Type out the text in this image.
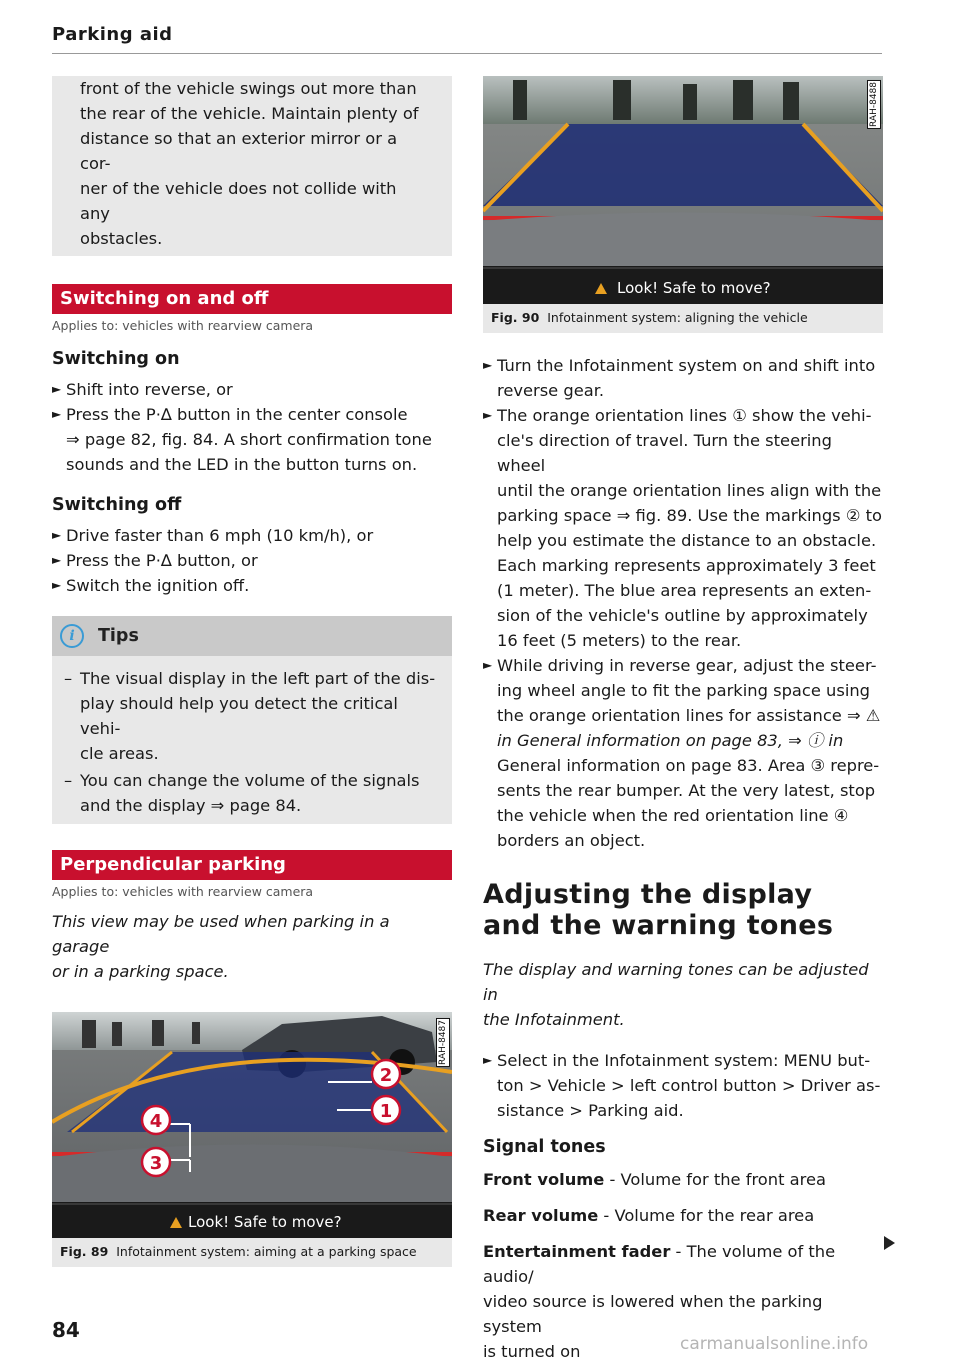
Parking aid
front of the vehicle swings out more than
the rear of the vehicle. Maintain plenty of
distance so that an exterior mirror or a cor-
ner of the vehicle does not collide with any
obstacles.
Switching on and off
Applies to: vehicles with rearview camera
Switching on
► Shift into reverse, or
► Press the P·∆ button in the center console
⇒ page 82, fig. 84. A short confirmation tone
sounds and the LED in the button turns on.
Switching off
► Drive faster than 6 mph (10 km/h), or
► Press the P·∆ button, or
► Switch the ignition off.
i	Tips
– The visual display in the left part of the dis-
play should help you detect the critical vehi-
cle areas.
– You can change the volume of the signals
and the display ⇒ page 84.
Perpendicular parking
Applies to: vehicles with rearview camera
This view may be used when parking in a garage
or in a parking space.
2
1
4
3
Look! Safe to move?
RAH-8487
Fig. 89 Infotainment system: aiming at a parking space
Look! Safe to move?
RAH-8488
Fig. 90 Infotainment system: aligning the vehicle
► Turn the Infotainment system on and shift into
reverse gear.
► The orange orientation lines ① show the vehi-
cle's direction of travel. Turn the steering wheel
until the orange orientation lines align with the
parking space ⇒ fig. 89. Use the markings ② to
help you estimate the distance to an obstacle.
Each marking represents approximately 3 feet
(1 meter). The blue area represents an exten-
sion of the vehicle's outline by approximately
16 feet (5 meters) to the rear.
► While driving in reverse gear, adjust the steer-
ing wheel angle to fit the parking space using
the orange orientation lines for assistance ⇒ ⚠
in General information on page 83, ⇒ ⓘ in
General information on page 83. Area ③ repre-
sents the rear bumper. At the very latest, stop
the vehicle when the red orientation line ④
borders an object.
Adjusting the display
and the warning tones
The display and warning tones can be adjusted in
the Infotainment.
► Select in the Infotainment system: MENU but-
ton > Vehicle > left control button > Driver as-
sistance > Parking aid.
Signal tones
Front volume - Volume for the front area
Rear volume - Volume for the rear area
Entertainment fader - The volume of the audio/
video source is lowered when the parking system
is turned on
84
carmanualsonline.info
